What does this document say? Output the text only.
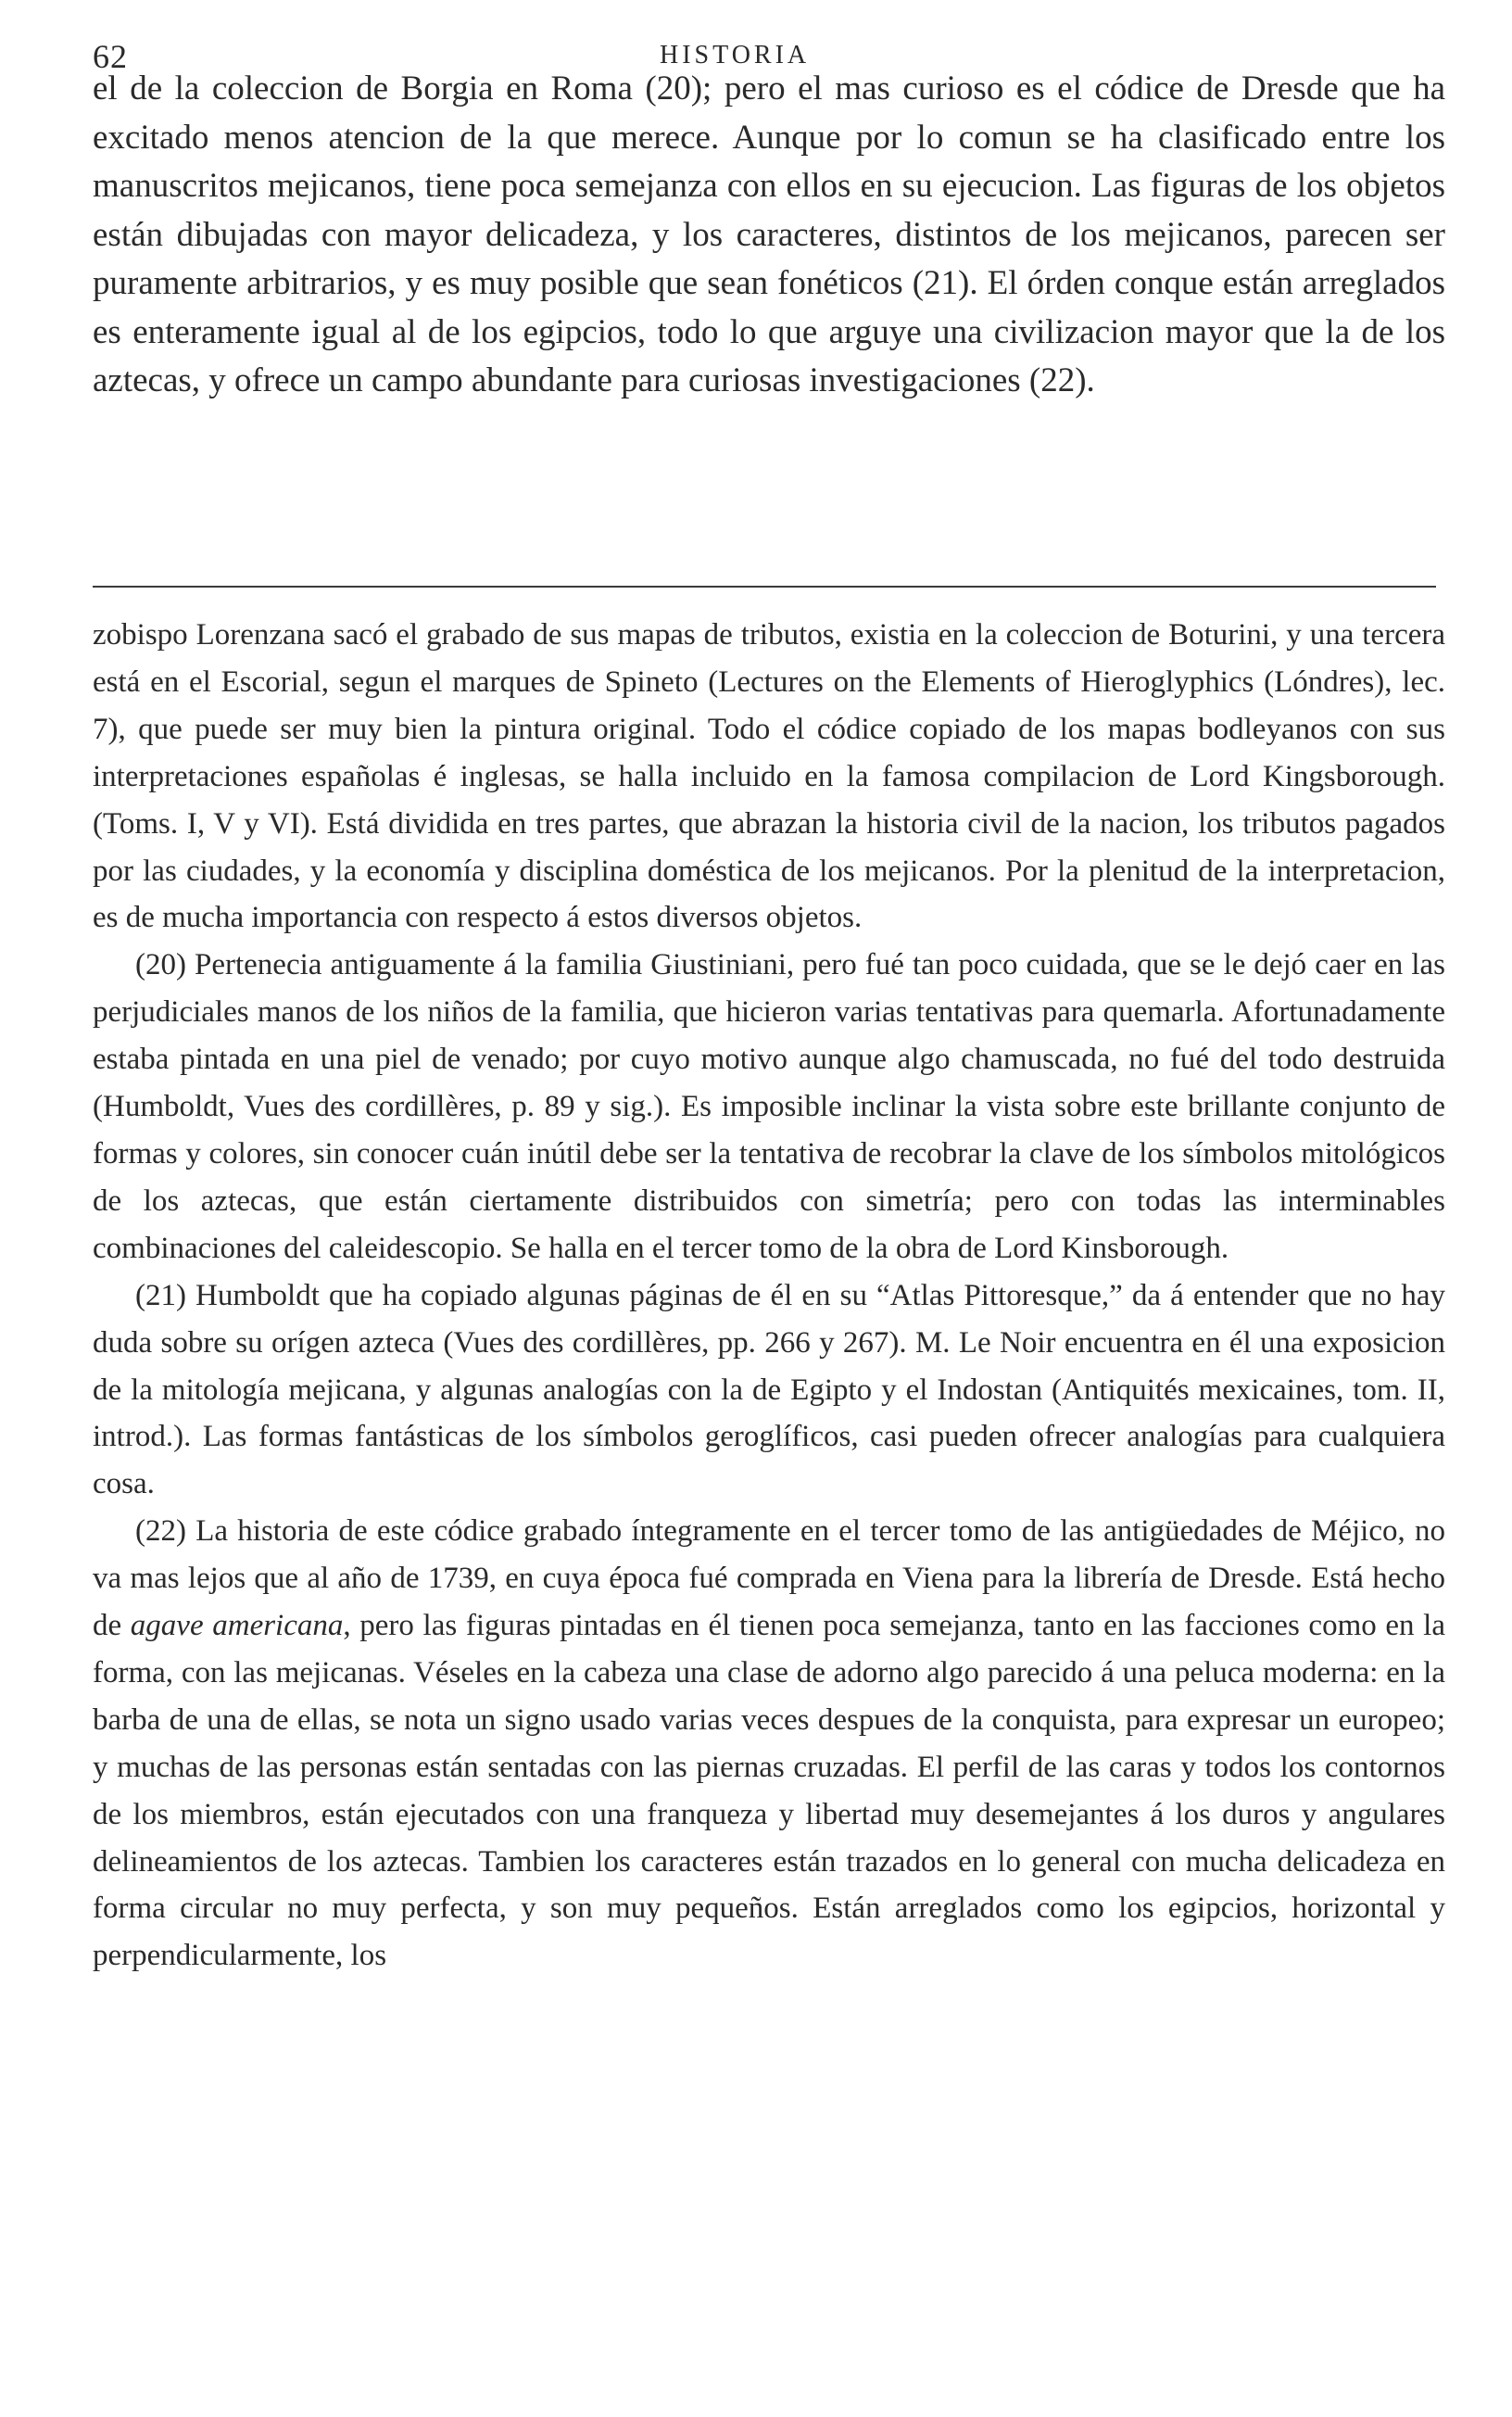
62	HISTORIA

el de la coleccion de Borgia en Roma (20); pero el mas curioso es el códice de Dresde que ha excitado menos atencion de la que merece. Aunque por lo comun se ha clasificado entre los manuscritos mejicanos, tiene poca semejanza con ellos en su ejecucion. Las figuras de los objetos están dibujadas con mayor delicadeza, y los caracteres, distintos de los mejicanos, parecen ser puramente arbitrarios, y es muy posible que sean fonéticos (21). El órden conque están arreglados es enteramente igual al de los egipcios, todo lo que arguye una civilizacion mayor que la de los aztecas, y ofrece un campo abundante para curiosas investigaciones (22).

zobispo Lorenzana sacó el grabado de sus mapas de tributos, existia en la coleccion de Boturini, y una tercera está en el Escorial, segun el marques de Spineto (Lectures on the Elements of Hieroglyphics (Lóndres), lec. 7), que puede ser muy bien la pintura original. Todo el códice copiado de los mapas bodleyanos con sus interpretaciones españolas é inglesas, se halla incluido en la famosa compilacion de Lord Kingsborough. (Toms. I, V y VI). Está dividida en tres partes, que abrazan la historia civil de la nacion, los tributos pagados por las ciudades, y la economía y disciplina doméstica de los mejicanos. Por la plenitud de la interpretacion, es de mucha importancia con respecto á estos diversos objetos.

(20) Pertenecia antiguamente á la familia Giustiniani, pero fué tan poco cuidada, que se le dejó caer en las perjudiciales manos de los niños de la familia, que hicieron varias tentativas para quemarla. Afortunadamente estaba pintada en una piel de venado; por cuyo motivo aunque algo chamuscada, no fué del todo destruida (Humboldt, Vues des cordillères, p. 89 y sig.). Es imposible inclinar la vista sobre este brillante conjunto de formas y colores, sin conocer cuán inútil debe ser la tentativa de recobrar la clave de los símbolos mitológicos de los aztecas, que están ciertamente distribuidos con simetría; pero con todas las interminables combinaciones del caleidescopio. Se halla en el tercer tomo de la obra de Lord Kinsborough.

(21) Humboldt que ha copiado algunas páginas de él en su “Atlas Pittoresque,” da á entender que no hay duda sobre su orígen azteca (Vues des cordillères, pp. 266 y 267). M. Le Noir encuentra en él una exposicion de la mitología mejicana, y algunas analogías con la de Egipto y el Indostan (Antiquités mexicaines, tom. II, introd.). Las formas fantásticas de los símbolos geroglíficos, casi pueden ofrecer analogías para cualquiera cosa.

(22) La historia de este códice grabado íntegramente en el tercer tomo de las antigüedades de Méjico, no va mas lejos que al año de 1739, en cuya época fué comprada en Viena para la librería de Dresde. Está hecho de agave americana, pero las figuras pintadas en él tienen poca semejanza, tanto en las facciones como en la forma, con las mejicanas. Véseles en la cabeza una clase de adorno algo parecido á una peluca moderna: en la barba de una de ellas, se nota un signo usado varias veces despues de la conquista, para expresar un europeo; y muchas de las personas están sentadas con las piernas cruzadas. El perfil de las caras y todos los contornos de los miembros, están ejecutados con una franqueza y libertad muy desemejantes á los duros y angulares delineamientos de los aztecas. Tambien los caracteres están trazados en lo general con mucha delicadeza en forma circular no muy perfecta, y son muy pequeños. Están arreglados como los egipcios, horizontal y perpendicularmente, los
